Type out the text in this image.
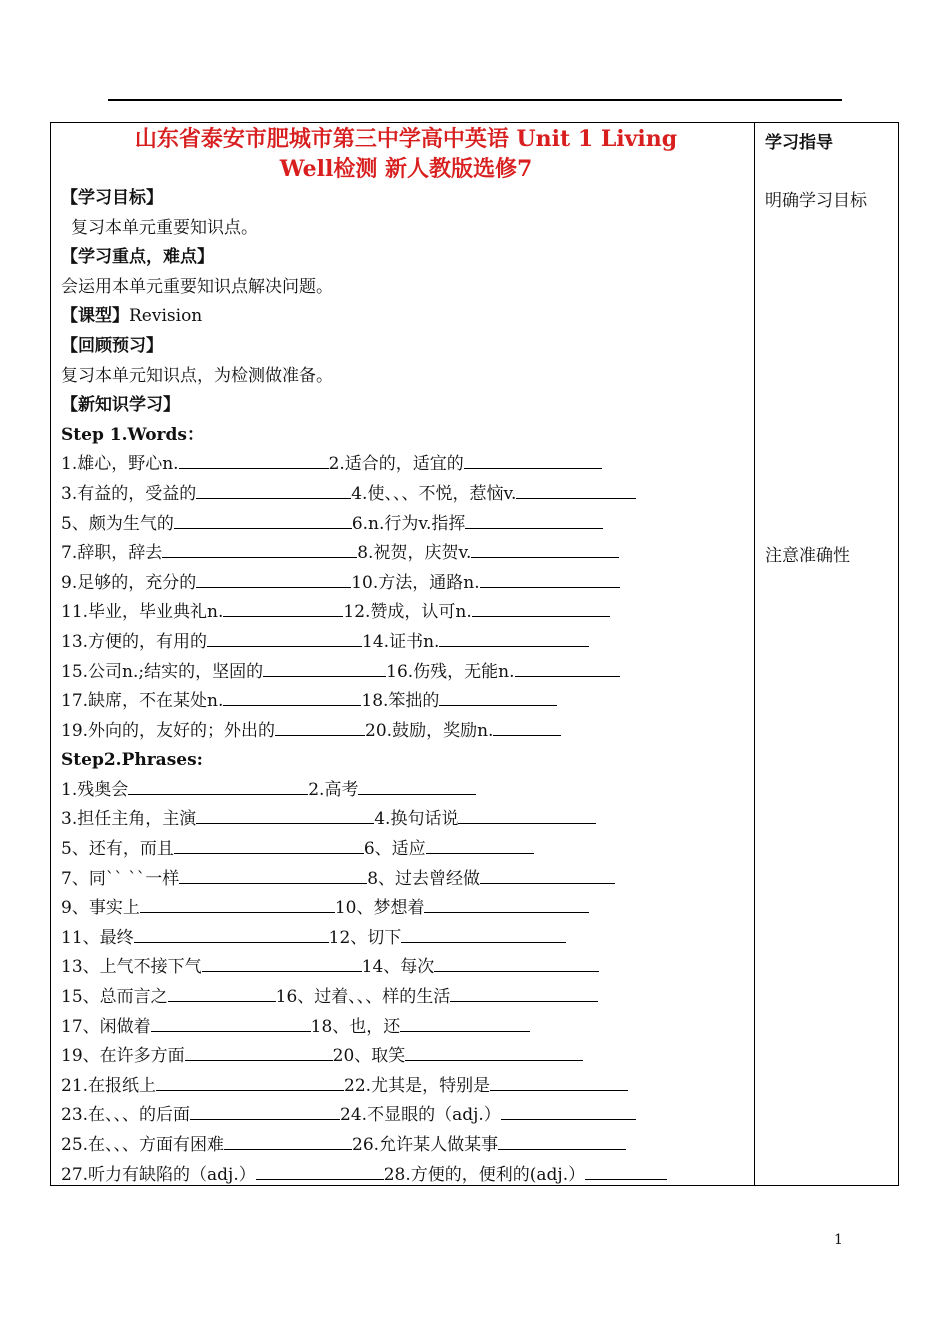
山东省泰安市肥城市第三中学高中英语 Unit 1 Living
Well检测 新人教版选修7
【学习目标】
复习本单元重要知识点。
【学习重点，难点】
会运用本单元重要知识点解决问题。
【课型】Revision
【回顾预习】
复习本单元知识点，为检测做准备。
【新知识学习】
Step 1.Words：
1.雄心，野心n.	2.适合的，适宜的
3.有益的，受益的	4.使、、、不悦，惹恼v.
5、颇为生气的	6.n.行为v.指挥
7.辞职，辞去	8.祝贺，庆贺v.
9.足够的，充分的	10.方法，通路n.
11.毕业，毕业典礼n.	12.赞成，认可n.
13.方便的，有用的	14.证书n.
15.公司n.;结实的，坚固的	16.伤残，无能n.
17.缺席，不在某处n.	18.笨拙的
19.外向的，友好的；外出的	20.鼓励，奖励n.
Step2.Phrases:
1.残奥会	2.高考
3.担任主角，主演	4.换句话说
5、还有，而且	6、适应
7、同`` ``一样	8、过去曾经做
9、事实上	10、梦想着
11、最终	12、切下
13、上气不接下气	14、每次
15、总而言之	16、过着、、、样的生活
17、闲做着	18、也，还
19、在许多方面	20、取笑
21.在报纸上	22.尤其是，特别是
23.在、、、的后面	24.不显眼的（adj.）
25.在、、、方面有困难	26.允许某人做某事
27.听力有缺陷的（adj.）	28.方便的，便利的(adj.）
学习指导
明确学习目标
注意准确性
1
